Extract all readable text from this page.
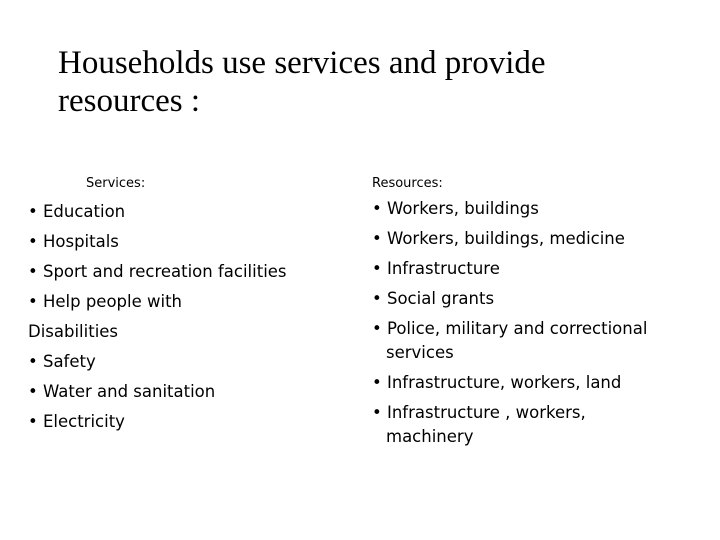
Households use services and provide resources :
Services:	Resources:
• Education
• Hospitals
• Sport and recreation facilities
• Help people with
Disabilities
• Safety
• Water and sanitation
• Electricity
• Workers, buildings
• Workers, buildings, medicine
• Infrastructure
• Social grants
• Police, military and correctional services
• Infrastructure, workers, land
• Infrastructure , workers, machinery
